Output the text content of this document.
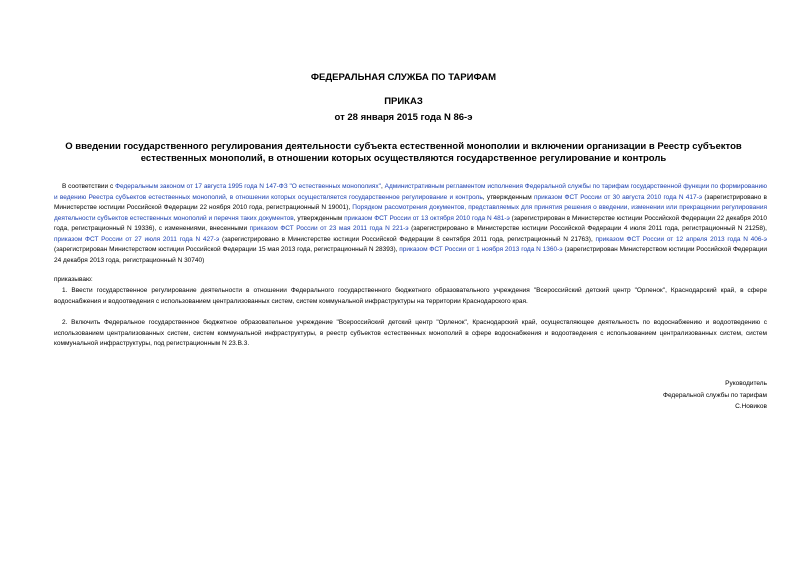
ФЕДЕРАЛЬНАЯ СЛУЖБА ПО ТАРИФАМ
ПРИКАЗ
от 28 января 2015 года N 86-э
О введении государственного регулирования деятельности субъекта естественной монополии и включении организации в Реестр субъектов естественных монополий, в отношении которых осуществляются государственное регулирование и контроль
В соответствии с Федеральным законом от 17 августа 1995 года N 147-ФЗ "О естественных монополиях", Административным регламентом исполнения Федеральной службы по тарифам государственной функции по формированию и ведению Реестра субъектов естественных монополий, в отношении которых осуществляется государственное регулирование и контроль, утвержденным приказом ФСТ России от 30 августа 2010 года N 417-э (зарегистрировано в Министерстве юстиции Российской Федерации 22 ноября 2010 года, регистрационный N 19001), Порядком рассмотрения документов, представляемых для принятия решения о введении, изменении или прекращении регулирования деятельности субъектов естественных монополий и перечня таких документов, утвержденным приказом ФСТ России от 13 октября 2010 года N 481-э (зарегистрирован в Министерстве юстиции Российской Федерации 22 декабря 2010 года, регистрационный N 19336), с изменениями, внесенными приказом ФСТ России от 23 мая 2011 года N 221-э (зарегистрировано в Министерстве юстиции Российской Федерации 4 июля 2011 года, регистрационный N 21258), приказом ФСТ России от 27 июля 2011 года N 427-э (зарегистрировано в Министерстве юстиции Российской Федерации 8 сентября 2011 года, регистрационный N 21763), приказом ФСТ России от 12 апреля 2013 года N 406-э (зарегистрирован Министерством юстиции Российской Федерации 15 мая 2013 года, регистрационный N 28393), приказом ФСТ России от 1 ноября 2013 года N 1360-э (зарегистрирован Министерством юстиции Российской Федерации 24 декабря 2013 года, регистрационный N 30740)
приказываю:
1. Ввести государственное регулирование деятельности в отношении Федерального государственного бюджетного образовательного учреждения "Всероссийский детский центр "Орленок", Краснодарский край, в сфере водоснабжения и водоотведения с использованием централизованных систем, систем коммунальной инфраструктуры на территории Краснодарского края.
2. Включить Федеральное государственное бюджетное образовательное учреждение "Всероссийский детский центр "Орленок", Краснодарский край, осуществляющее деятельность по водоснабжению и водоотведению с использованием централизованных систем, систем коммунальной инфраструктуры, в реестр субъектов естественных монополий в сфере водоснабжения и водоотведения с использованием централизованных систем, систем коммунальной инфраструктуры, под регистрационным N 23.В.3.
Руководитель
Федеральной службы по тарифам
С.Новиков
